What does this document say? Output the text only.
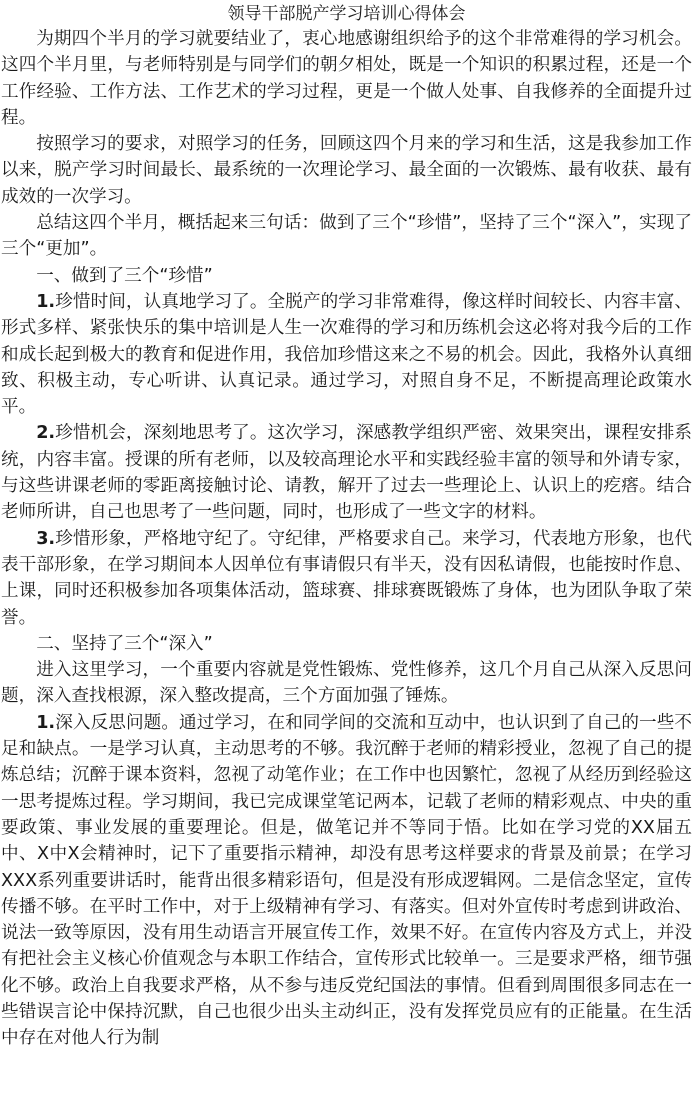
领导干部脱产学习培训心得体会

为期四个半月的学习就要结业了，衷心地感谢组织给予的这个非常难得的学习机会。这四个半月里，与老师特别是与同学们的朝夕相处，既是一个知识的积累过程，还是一个工作经验、工作方法、工作艺术的学习过程，更是一个做人处事、自我修养的全面提升过程。

按照学习的要求，对照学习的任务，回顾这四个月来的学习和生活，这是我参加工作以来，脱产学习时间最长、最系统的一次理论学习、最全面的一次锻炼、最有收获、最有成效的一次学习。

总结这四个半月，概括起来三句话：做到了三个“珍惜”，坚持了三个“深入”，实现了三个“更加”。

一、做到了三个“珍惜”

1.珍惜时间，认真地学习了。全脱产的学习非常难得，像这样时间较长、内容丰富、形式多样、紧张快乐的集中培训是人生一次难得的学习和历练机会这必将对我今后的工作和成长起到极大的教育和促进作用，我倍加珍惜这来之不易的机会。因此，我格外认真细致、积极主动，专心听讲、认真记录。通过学习，对照自身不足，不断提高理论政策水平。

2.珍惜机会，深刻地思考了。这次学习，深感教学组织严密、效果突出，课程安排系统，内容丰富。授课的所有老师，以及较高理论水平和实践经验丰富的领导和外请专家，与这些讲课老师的零距离接触讨论、请教，解开了过去一些理论上、认识上的疙瘩。结合老师所讲，自己也思考了一些问题，同时，也形成了一些文字的材料。

3.珍惜形象，严格地守纪了。守纪律，严格要求自己。来学习，代表地方形象，也代表干部形象，在学习期间本人因单位有事请假只有半天，没有因私请假，也能按时作息、上课，同时还积极参加各项集体活动，篮球赛、排球赛既锻炼了身体，也为团队争取了荣誉。

二、坚持了三个“深入”

进入这里学习，一个重要内容就是党性锻炼、党性修养，这几个月自己从深入反思问题，深入查找根源，深入整改提高，三个方面加强了锤炼。

1.深入反思问题。通过学习，在和同学间的交流和互动中，也认识到了自己的一些不足和缺点。一是学习认真，主动思考的不够。我沉醉于老师的精彩授业，忽视了自己的提炼总结；沉醉于课本资料，忽视了动笔作业；在工作中也因繁忙，忽视了从经历到经验这一思考提炼过程。学习期间，我已完成课堂笔记两本，记载了老师的精彩观点、中央的重要政策、事业发展的重要理论。但是，做笔记并不等同于悟。比如在学习党的XX届五中、X中X会精神时，记下了重要指示精神，却没有思考这样要求的背景及前景；在学习XXX系列重要讲话时，能背出很多精彩语句，但是没有形成逻辑网。二是信念坚定，宣传传播不够。在平时工作中，对于上级精神有学习、有落实。但对外宣传时考虑到讲政治、说法一致等原因，没有用生动语言开展宣传工作，效果不好。在宣传内容及方式上，并没有把社会主义核心价值观念与本职工作结合，宣传形式比较单一。三是要求严格，细节强化不够。政治上自我要求严格，从不参与违反党纪国法的事情。但看到周围很多同志在一些错误言论中保持沉默，自己也很少出头主动纠正，没有发挥党员应有的正能量。在生活中存在对他人行为制
